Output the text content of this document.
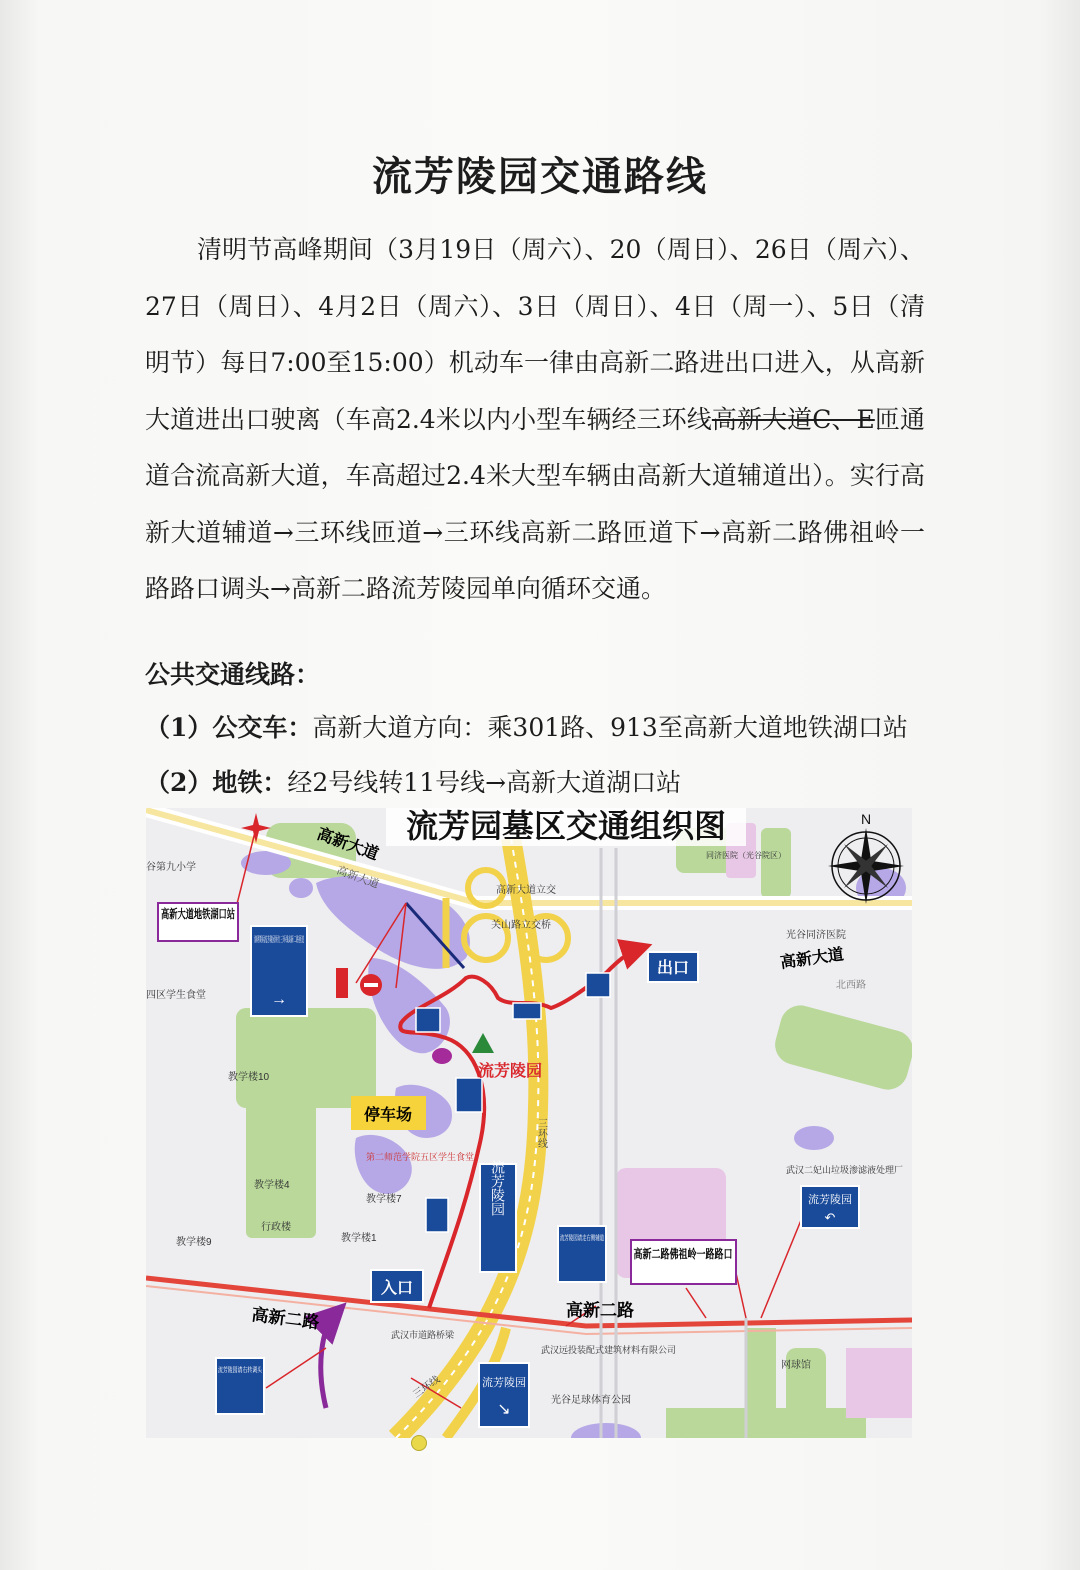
流芳陵园交通路线

清明节高峰期间（3月19日（周六）、20（周日）、26日（周六）、27日（周日）、4月2日（周六）、3日（周日）、4日（周一）、5日（清明节）每日7:00至15:00）机动车一律由高新二路进出口进入，从高新大道进出口驶离（车高2.4米以内小型车辆经三环线高新大道C、E匝通道合流高新大道，车高超过2.4米大型车辆由高新大道辅道出）。实行高新大道辅道→三环线匝道→三环线高新二路匝道下→高新二路佛祖岭一路路口调头→高新二路流芳陵园单向循环交通。

公共交通线路：
（1）公交车：高新大道方向：乘301路、913至高新大道地铁湖口站
（2）地铁：经2号线转11号线→高新大道湖口站
流芳园墓区交通组织图	N
高新大道
高新大道
高新大道
高新二路	高新二路
三环线
三环线
高新大道立交
关山路立交桥
光谷同济医院
同济医院（光谷院区）
谷第九小学
四区学生食堂
教学楼10
教学楼4
教学楼7
教学楼1
教学楼9
行政楼
第二师范学院五区学生食堂
武汉二妃山垃圾渗滤液处理厂
武汉市道路桥梁
武汉远投装配式建筑材料有限公司
光谷足球体育公园
网球馆
北西路
高新大道地铁湖口站
→
出口
停车场
流芳陵园
流芳陵园
入口
流芳陵园请走右侧辅道
流芳陵园请右转调头
流芳陵园
↶
高新二路佛祖岭一路路口
流芳陵园
↘
